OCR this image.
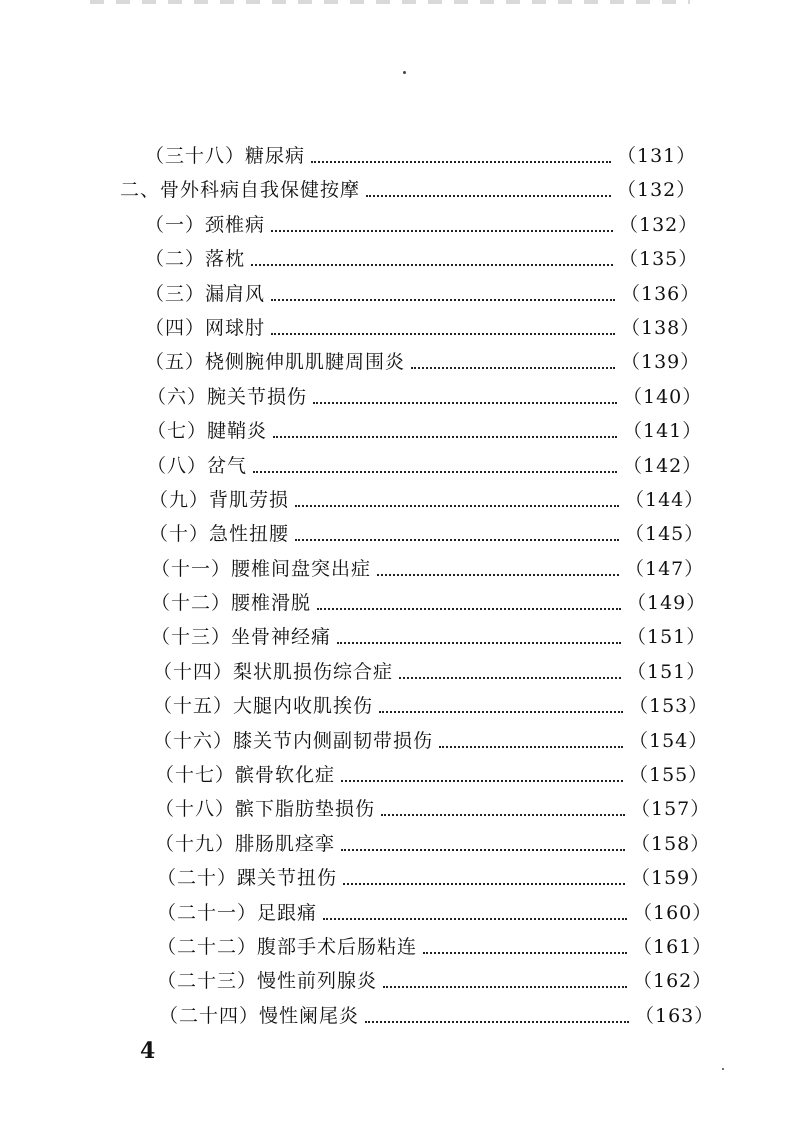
（三十八）糖尿病	（131）
二、骨外科病自我保健按摩	（132）
（一）颈椎病	（132）
（二）落枕	（135）
（三）漏肩风	（136）
（四）网球肘	（138）
（五）桡侧腕伸肌肌腱周围炎	（139）
（六）腕关节损伤	（140）
（七）腱鞘炎	（141）
（八）岔气	（142）
（九）背肌劳损	（144）
（十）急性扭腰	（145）
（十一）腰椎间盘突出症	（147）
（十二）腰椎滑脱	（149）
（十三）坐骨神经痛	（151）
（十四）梨状肌损伤综合症	（151）
（十五）大腿内收肌挨伤	（153）
（十六）膝关节内侧副韧带损伤	（154）
（十七）髌骨软化症	（155）
（十八）髌下脂肪垫损伤	（157）
（十九）腓肠肌痉挛	（158）
（二十）踝关节扭伤	（159）
（二十一）足跟痛	（160）
（二十二）腹部手术后肠粘连	（161）
（二十三）慢性前列腺炎	（162）
（二十四）慢性阑尾炎	（163）
4
